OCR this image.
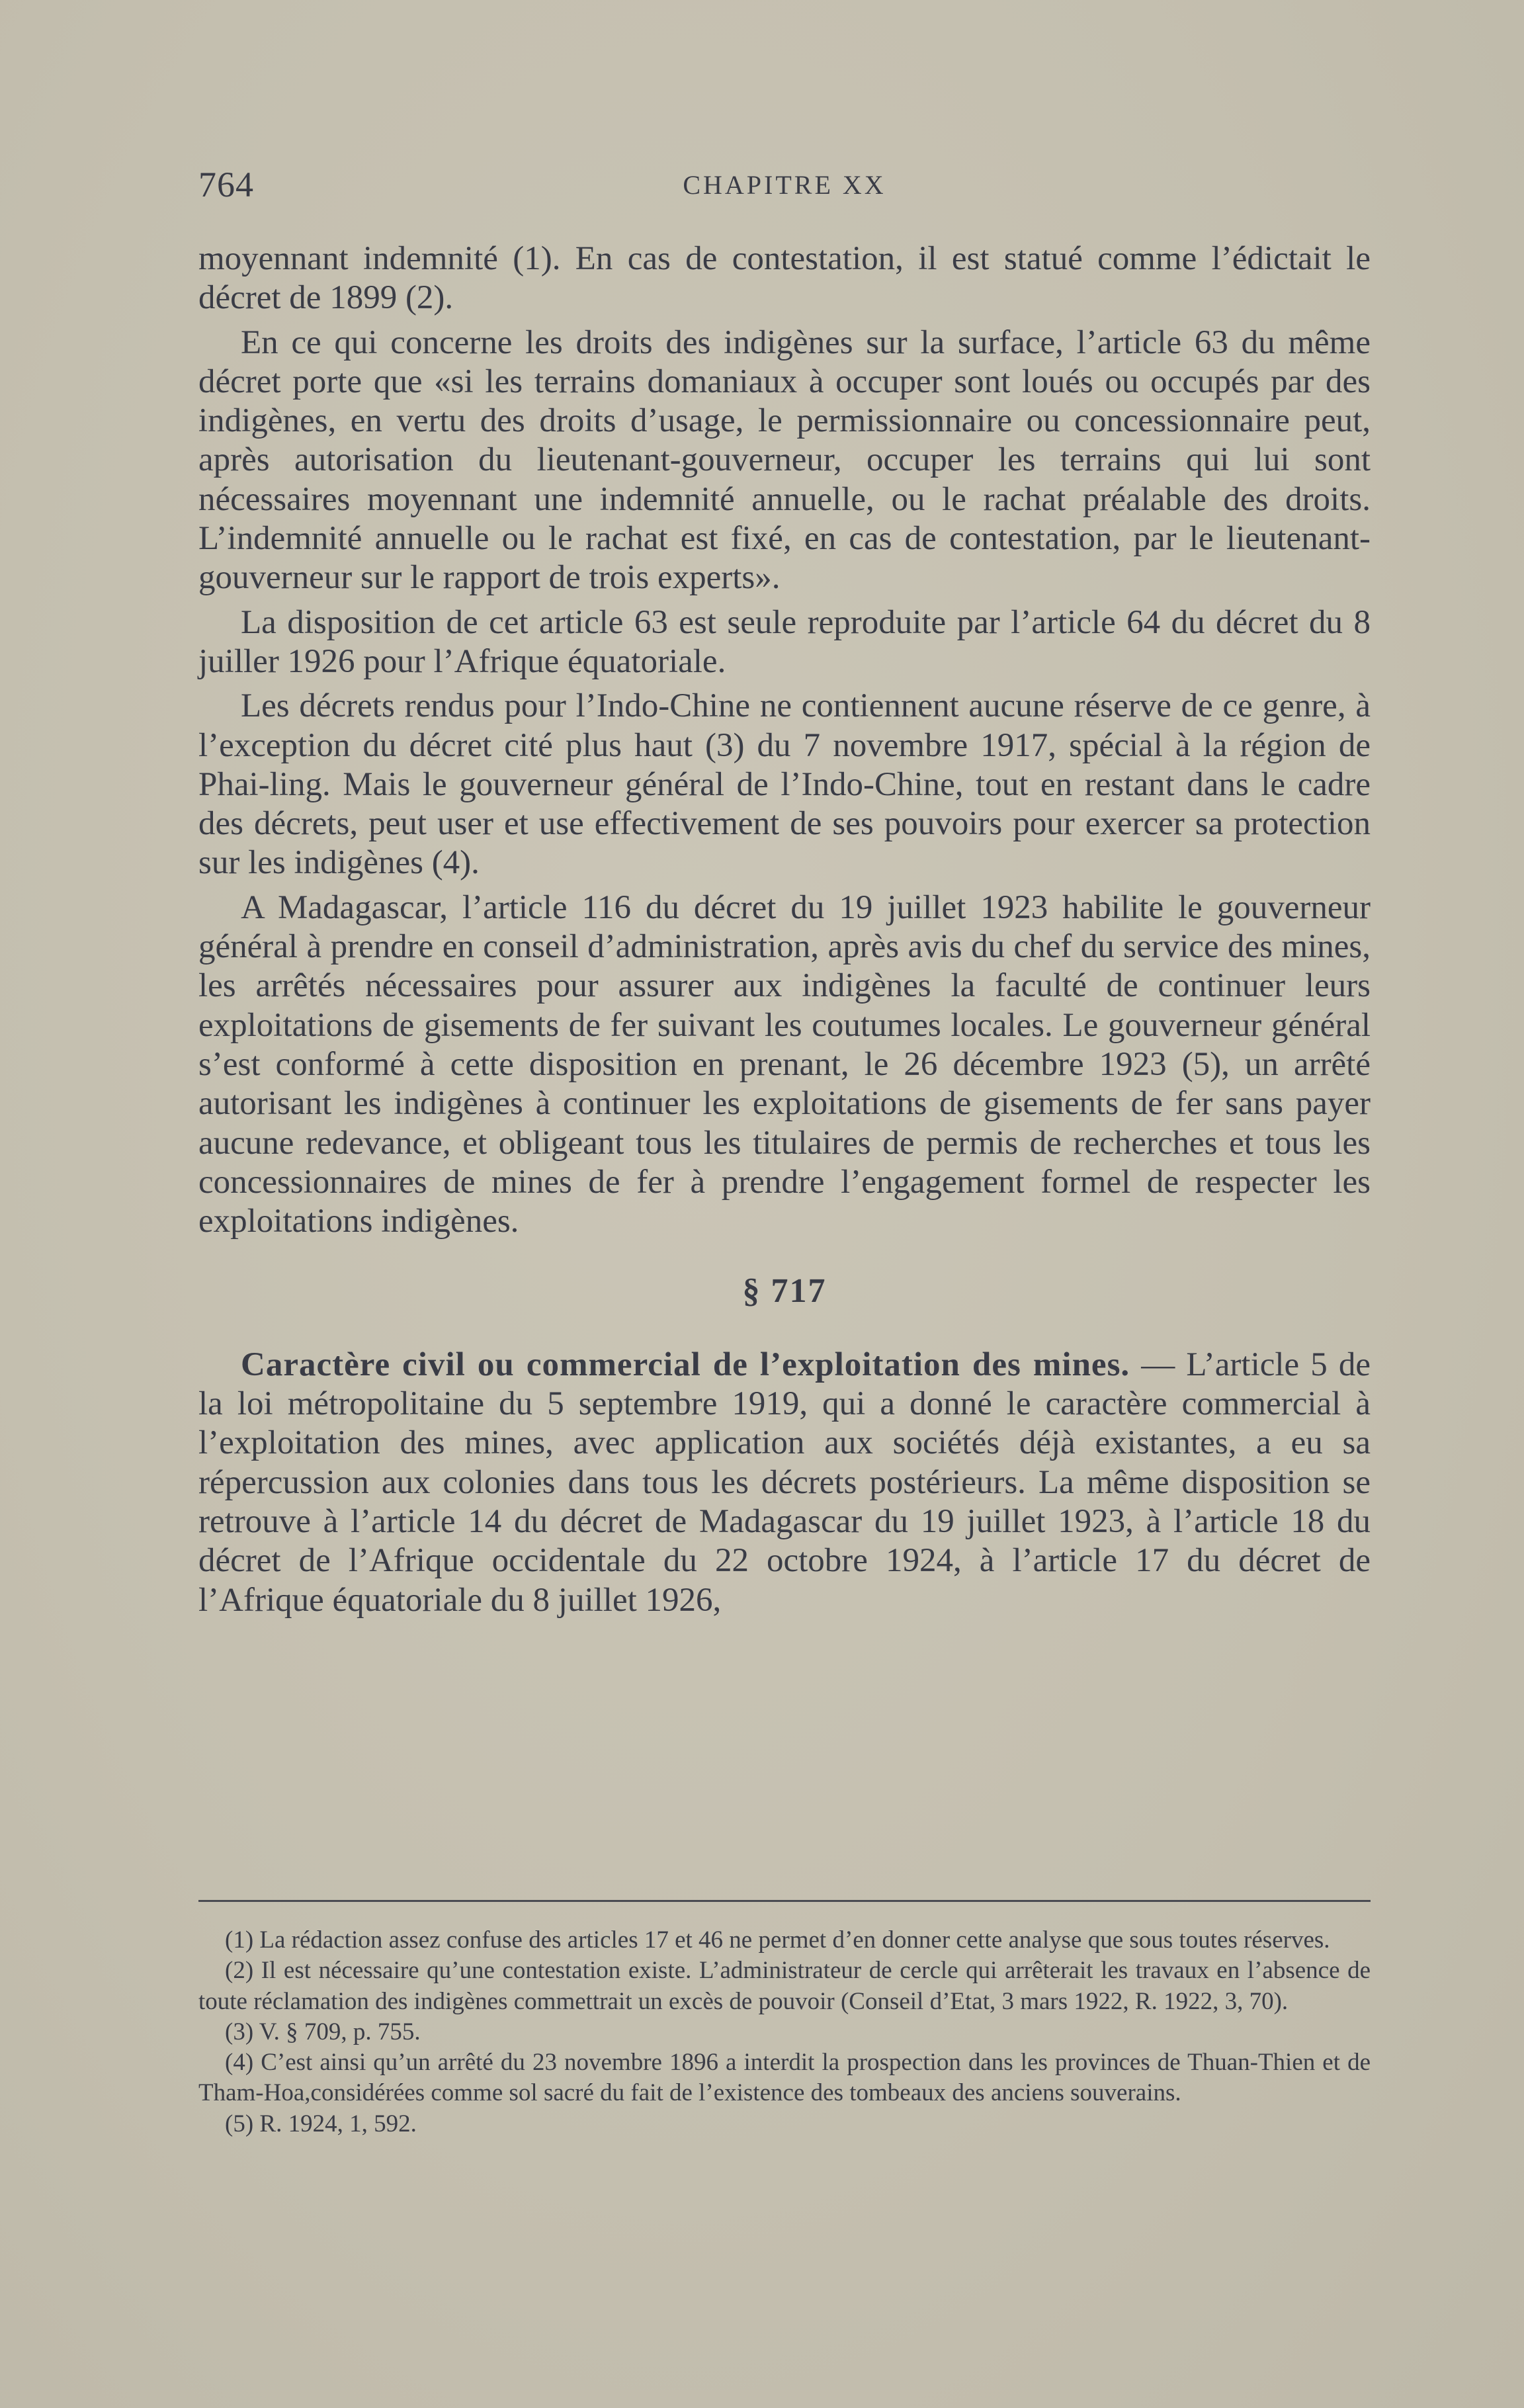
764	CHAPITRE XX

moyennant indemnité (1). En cas de contestation, il est statué comme l’édictait le décret de 1899 (2).

En ce qui concerne les droits des indigènes sur la surface, l’article 63 du même décret porte que «si les terrains domaniaux à occuper sont loués ou occupés par des indigènes, en vertu des droits d’usage, le permissionnaire ou concessionnaire peut, après autorisation du lieutenant-gouverneur, occuper les terrains qui lui sont nécessaires moyennant une indemnité annuelle, ou le rachat préalable des droits. L’indemnité annuelle ou le rachat est fixé, en cas de contestation, par le lieutenant-gouverneur sur le rapport de trois experts».

La disposition de cet article 63 est seule reproduite par l’article 64 du décret du 8 juiller 1926 pour l’Afrique équatoriale.

Les décrets rendus pour l’Indo-Chine ne contiennent aucune réserve de ce genre, à l’exception du décret cité plus haut (3) du 7 novembre 1917, spécial à la région de Phai-ling. Mais le gouverneur général de l’Indo-Chine, tout en restant dans le cadre des décrets, peut user et use effectivement de ses pouvoirs pour exercer sa protection sur les indigènes (4).

A Madagascar, l’article 116 du décret du 19 juillet 1923 habilite le gouverneur général à prendre en conseil d’administration, après avis du chef du service des mines, les arrêtés nécessaires pour assurer aux indigènes la faculté de continuer leurs exploitations de gisements de fer suivant les coutumes locales. Le gouverneur général s’est conformé à cette disposition en prenant, le 26 décembre 1923 (5), un arrêté autorisant les indigènes à continuer les exploitations de gisements de fer sans payer aucune redevance, et obligeant tous les titulaires de permis de recherches et tous les concessionnaires de mines de fer à prendre l’engagement formel de respecter les exploitations indigènes.

§ 717

Caractère civil ou commercial de l’exploitation des mines. — L’article 5 de la loi métropolitaine du 5 septembre 1919, qui a donné le caractère commercial à l’exploitation des mines, avec application aux sociétés déjà existantes, a eu sa répercussion aux colonies dans tous les décrets postérieurs. La même disposition se retrouve à l’article 14 du décret de Madagascar du 19 juillet 1923, à l’article 18 du décret de l’Afrique occidentale du 22 octobre 1924, à l’article 17 du décret de l’Afrique équatoriale du 8 juillet 1926,

(1) La rédaction assez confuse des articles 17 et 46 ne permet d’en donner cette analyse que sous toutes réserves.

(2) Il est nécessaire qu’une contestation existe. L’administrateur de cercle qui arrêterait les travaux en l’absence de toute réclamation des indigènes commettrait un excès de pouvoir (Conseil d’Etat, 3 mars 1922, R. 1922, 3, 70).

(3) V. § 709, p. 755.

(4) C’est ainsi qu’un arrêté du 23 novembre 1896 a interdit la prospection dans les provinces de Thuan-Thien et de Tham-Hoa,considérées comme sol sacré du fait de l’existence des tombeaux des anciens souverains.

(5) R. 1924, 1, 592.
